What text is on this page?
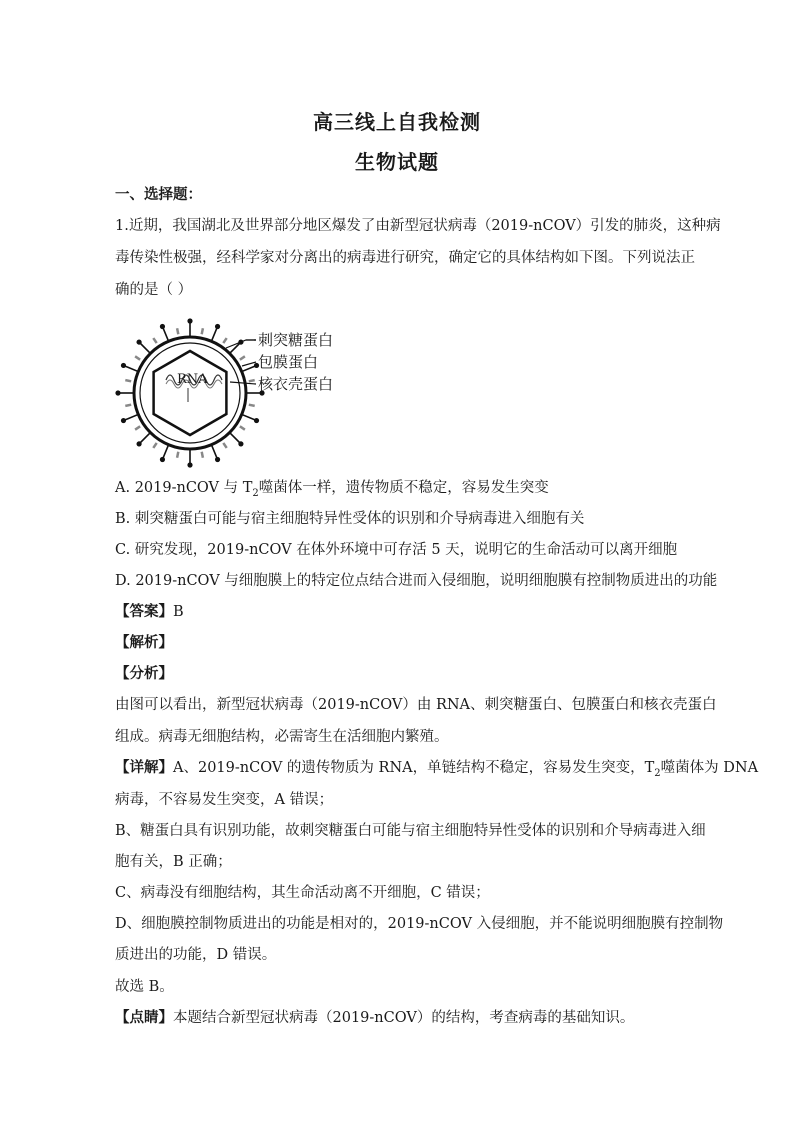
高三线上自我检测
生物试题
一、选择题：
1.近期，我国湖北及世界部分地区爆发了由新型冠状病毒（2019-nCOV）引发的肺炎，这种病
毒传染性极强，经科学家对分离出的病毒进行研究，确定它的具体结构如下图。下列说法正
确的是（ ）
RNA
刺突糖蛋白
包膜蛋白
核衣壳蛋白
A. 2019-nCOV 与 $T_2$噬菌体一样，遗传物质不稳定，容易发生突变
B. 刺突糖蛋白可能与宿主细胞特异性受体的识别和介导病毒进入细胞有关
C. 研究发现，2019-nCOV 在体外环境中可存活 5 天，说明它的生命活动可以离开细胞
D. 2019-nCOV 与细胞膜上的特定位点结合进而入侵细胞，说明细胞膜有控制物质进出的功能
【答案】B
【解析】
【分析】
由图可以看出，新型冠状病毒（2019-nCOV）由 RNA、刺突糖蛋白、包膜蛋白和核衣壳蛋白
组成。病毒无细胞结构，必需寄生在活细胞内繁殖。
【详解】A、2019-nCOV 的遗传物质为 RNA，单链结构不稳定，容易发生突变，$T_2$噬菌体为 DNA
病毒，不容易发生突变，A 错误；
B、糖蛋白具有识别功能，故刺突糖蛋白可能与宿主细胞特异性受体的识别和介导病毒进入细
胞有关，B 正确；
C、病毒没有细胞结构，其生命活动离不开细胞，C 错误；
D、细胞膜控制物质进出的功能是相对的，2019-nCOV 入侵细胞，并不能说明细胞膜有控制物
质进出的功能，D 错误。
故选 B。
【点睛】本题结合新型冠状病毒（2019-nCOV）的结构，考查病毒的基础知识。
